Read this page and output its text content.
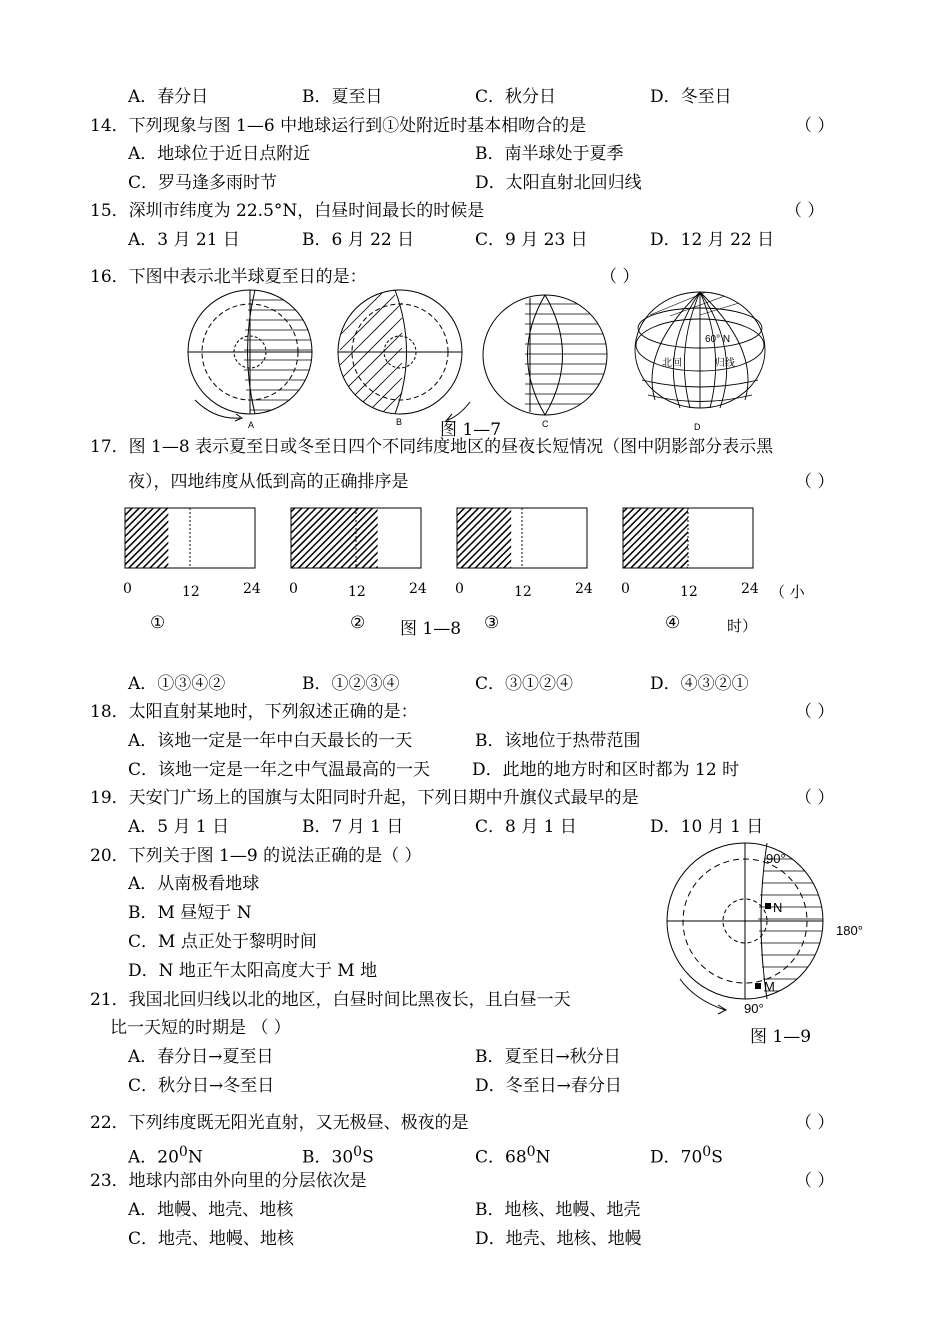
A．春分日	B．夏至日	C．秋分日	D．冬至日
14．下列现象与图 1—6 中地球运行到①处附近时基本相吻合的是	（ ）
A．地球位于近日点附近	B．南半球处于夏季
C．罗马逢多雨时节	D．太阳直射北回归线
15．深圳市纬度为 22.5°N，白昼时间最长的时候是	（ ）
A．3 月 21 日	B．6 月 22 日	C．9 月 23 日	D．12 月 22 日
16．下图中表示北半球夏至日的是：	（ ）
A	B	C
60° N
北回	归线
D
图 1—7
17．图 1—8 表示夏至日或冬至日四个不同纬度地区的昼夜长短情况（图中阴影部分表示黑
夜），四地纬度从低到高的正确排序是	（ ）
0	12	24 0	12	24 0	12	24 0	12	24 （ 小
时）
①	② 图 1—8 ③	④
A．①③④②	B．①②③④	C．③①②④	D．④③②①
18．太阳直射某地时，下列叙述正确的是：	（ ）
A．该地一定是一年中白天最长的一天	B．该地位于热带范围
C．该地一定是一年之中气温最高的一天 D．此地的地方时和区时都为 12 时
19．天安门广场上的国旗与太阳同时升起，下列日期中升旗仪式最早的是	（ ）
A．5 月 1 日	B．7 月 1 日	C．8 月 1 日	D．10 月 1 日
20．下列关于图 1—9 的说法正确的是（ ）
A．从南极看地球
B．M 昼短于 N
C．M 点正处于黎明时间
D．N 地正午太阳高度大于 M 地
90°
N
180°
M
90°
图 1—9
21．我国北回归线以北的地区，白昼时间比黑夜长，且白昼一天
比一天短的时期是 （ ）
A．春分日→夏至日	B．夏至日→秋分日
C．秋分日→冬至日	D．冬至日→春分日
22．下列纬度既无阳光直射，又无极昼、极夜的是	（ ）
A．$20^0N$	B．$30^0S$	C．$68^0N$	D．$70^0S$
23．地球内部由外向里的分层依次是	（ ）
A．地幔、地壳、地核	B．地核、地幔、地壳
C．地壳、地幔、地核	D．地壳、地核、地幔
